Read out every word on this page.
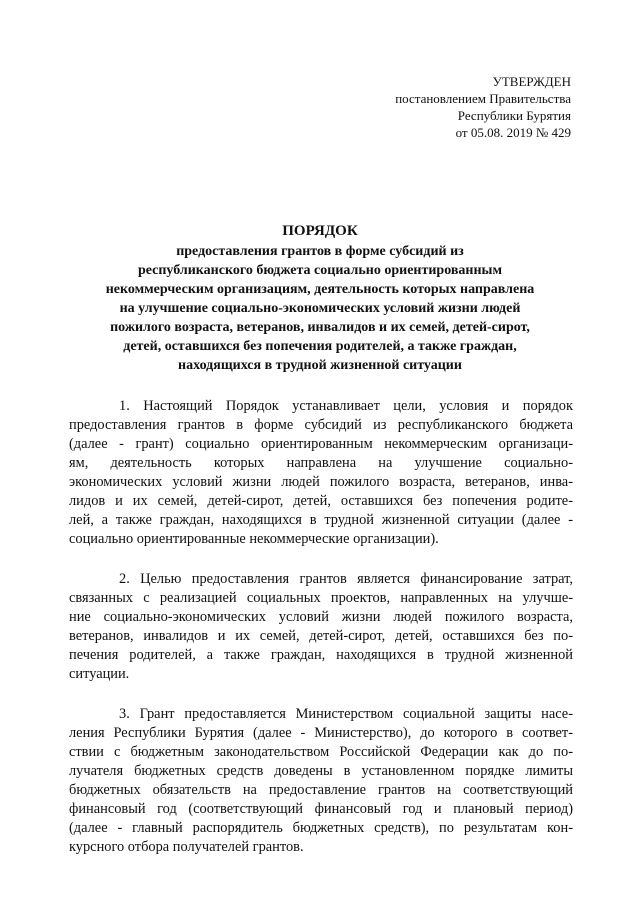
УТВЕРЖДЕН
постановлением Правительства
Республики Бурятия
от 05.08. 2019 № 429
ПОРЯДОК
предоставления грантов в форме субсидий из
республиканского бюджета социально ориентированным
некоммерческим организациям, деятельность которых направлена
на улучшение социально-экономических условий жизни людей
пожилого возраста, ветеранов, инвалидов и их семей, детей-сирот,
детей, оставшихся без попечения родителей, а также граждан,
находящихся в трудной жизненной ситуации
1. Настоящий Порядок устанавливает цели, условия и порядок
предоставления грантов в форме субсидий из республиканского бюджета
(далее - грант) социально ориентированным некоммерческим организаци-
ям, деятельность которых направлена на улучшение социально-
экономических условий жизни людей пожилого возраста, ветеранов, инва-
лидов и их семей, детей-сирот, детей, оставшихся без попечения родите-
лей, а также граждан, находящихся в трудной жизненной ситуации (далее -
социально ориентированные некоммерческие организации).
2. Целью предоставления грантов является финансирование затрат,
связанных с реализацией социальных проектов, направленных на улучше-
ние социально-экономических условий жизни людей пожилого возраста,
ветеранов, инвалидов и их семей, детей-сирот, детей, оставшихся без по-
печения родителей, а также граждан, находящихся в трудной жизненной
ситуации.
3. Грант предоставляется Министерством социальной защиты насе-
ления Республики Бурятия (далее - Министерство), до которого в соответ-
ствии с бюджетным законодательством Российской Федерации как до по-
лучателя бюджетных средств доведены в установленном порядке лимиты
бюджетных обязательств на предоставление грантов на соответствующий
финансовый год (соответствующий финансовый год и плановый период)
(далее - главный распорядитель бюджетных средств), по результатам кон-
курсного отбора получателей грантов.
